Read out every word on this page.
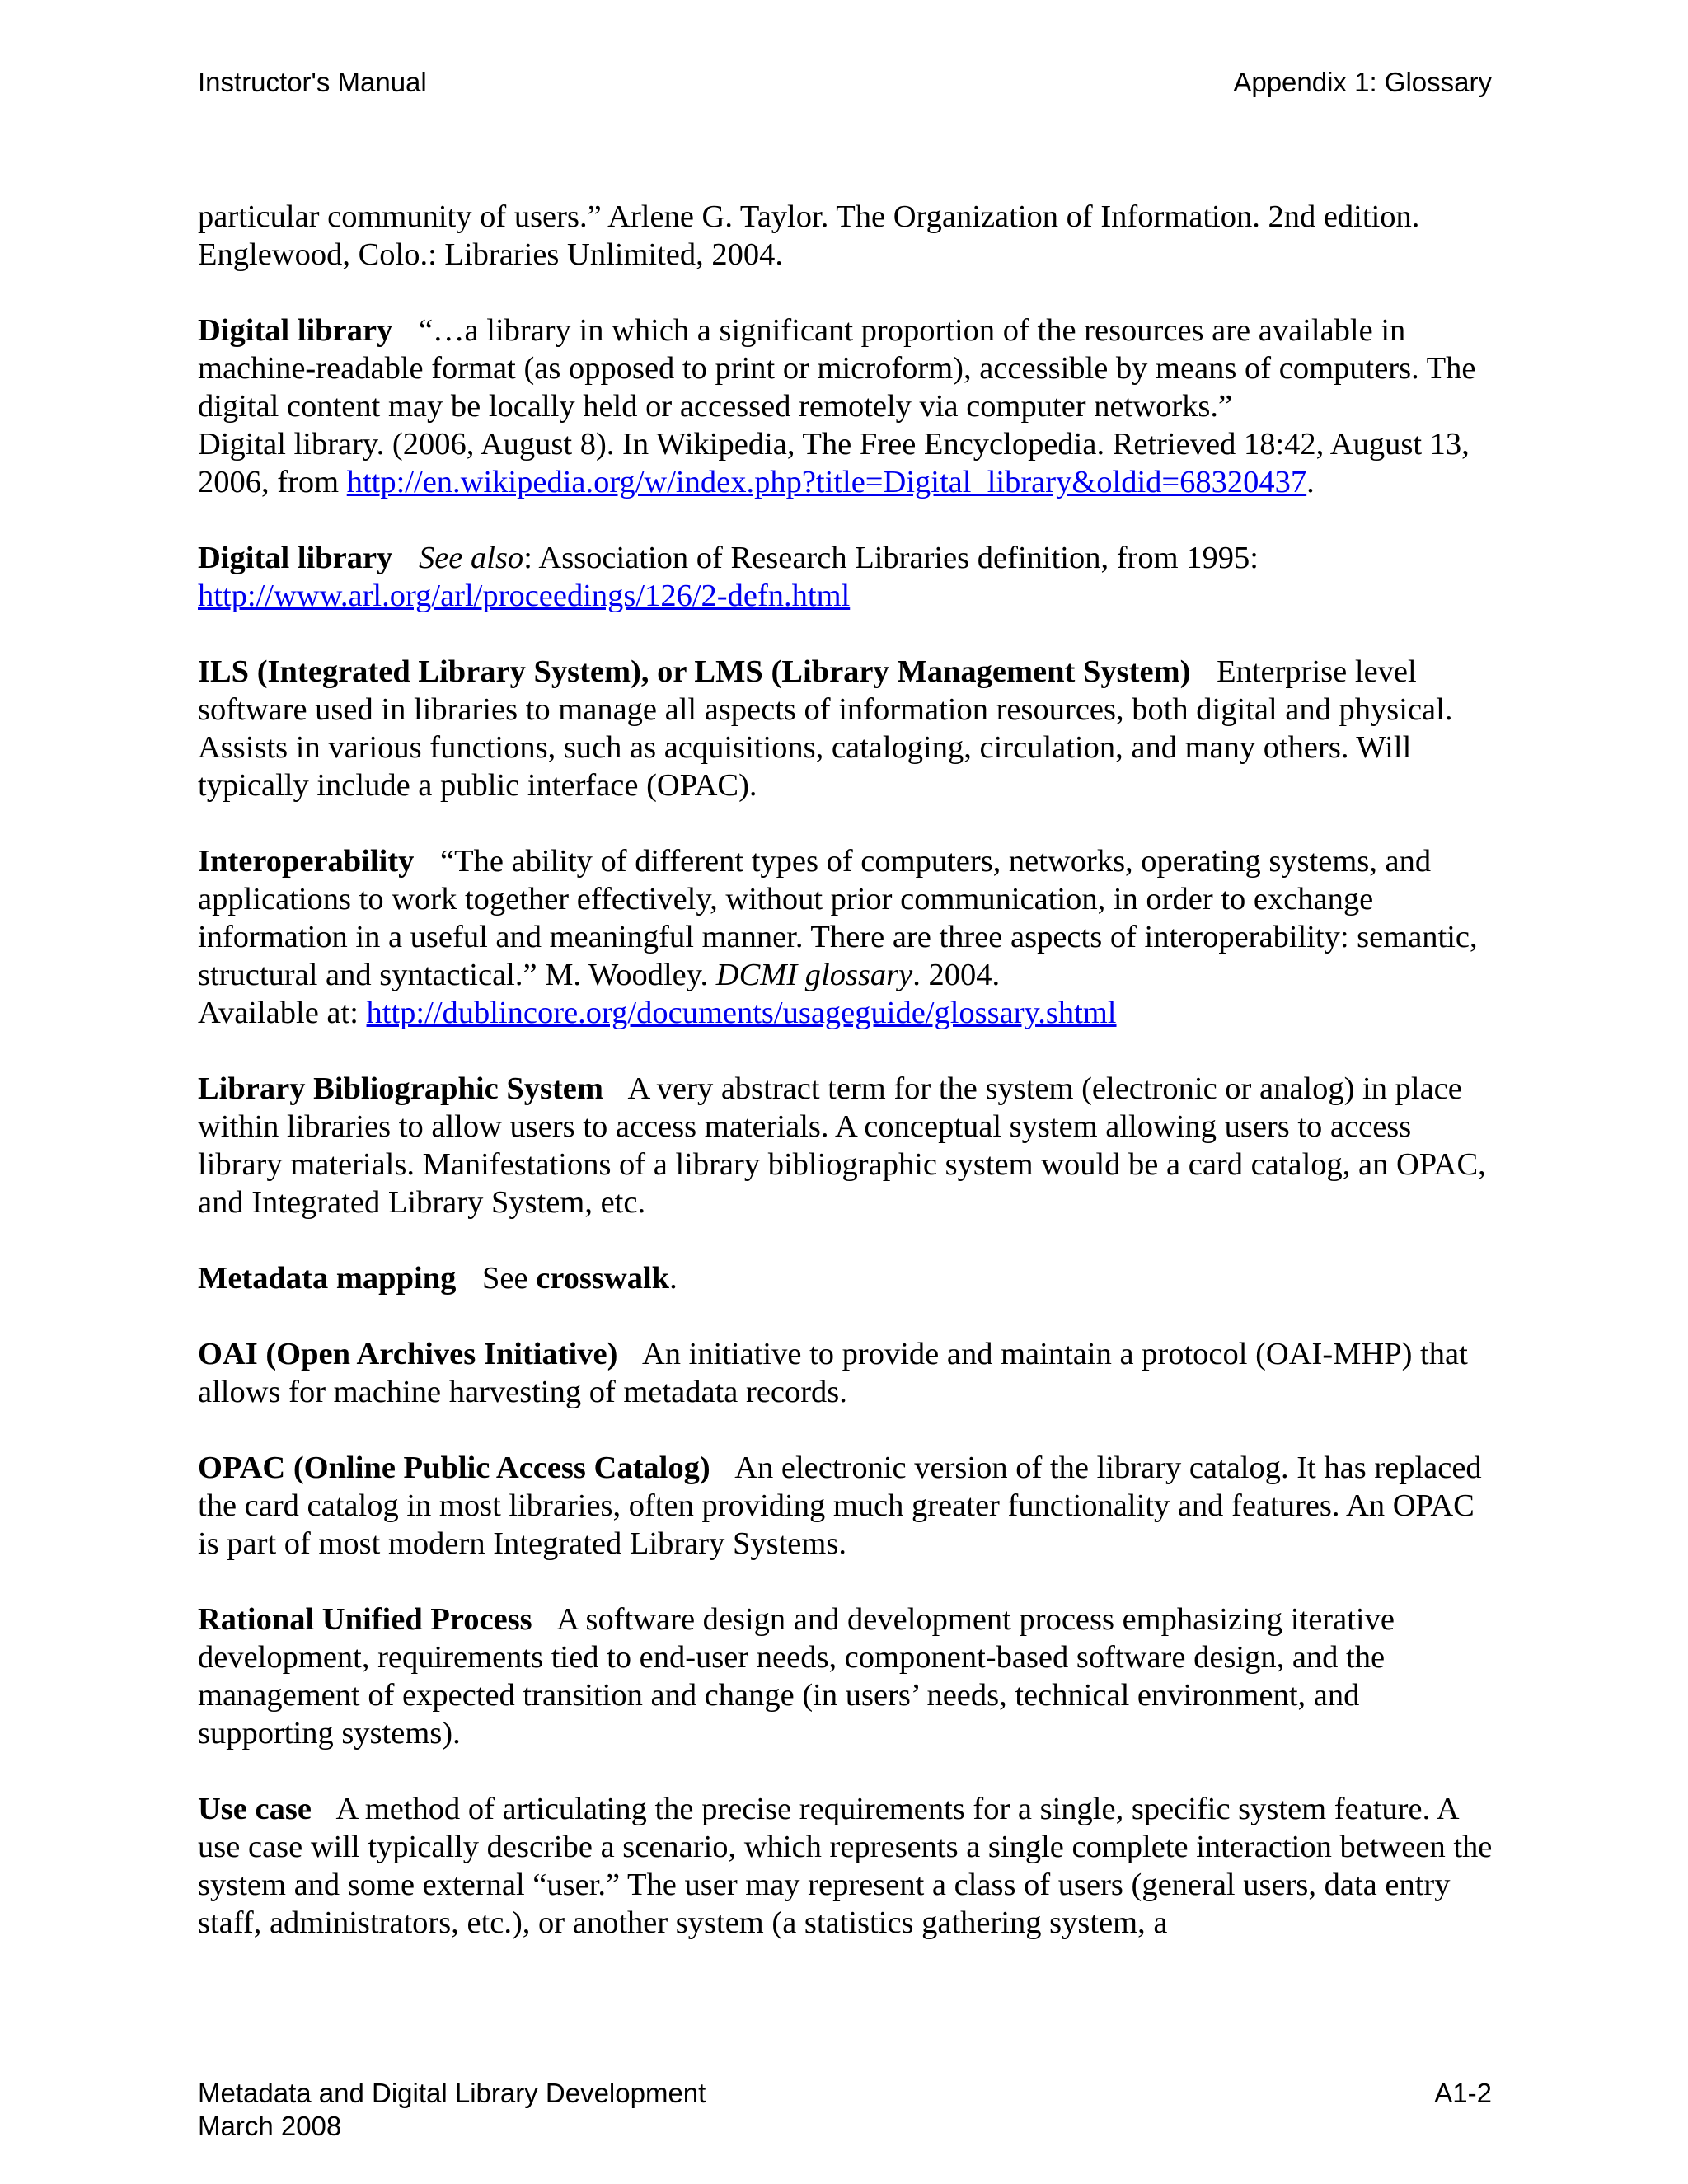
Instructor's Manual	Appendix 1: Glossary

particular community of users.” Arlene G. Taylor. The Organization of Information. 2nd edition. Englewood, Colo.: Libraries Unlimited, 2004.

Digital library “…a library in which a significant proportion of the resources are available in machine-readable format (as opposed to print or microform), accessible by means of computers. The digital content may be locally held or accessed remotely via computer networks.”
Digital library. (2006, August 8). In Wikipedia, The Free Encyclopedia. Retrieved 18:42, August 13, 2006, from http://en.wikipedia.org/w/index.php?title=Digital_library&oldid=68320437.

Digital library See also: Association of Research Libraries definition, from 1995:
http://www.arl.org/arl/proceedings/126/2-defn.html

ILS (Integrated Library System), or LMS (Library Management System) Enterprise level software used in libraries to manage all aspects of information resources, both digital and physical. Assists in various functions, such as acquisitions, cataloging, circulation, and many others. Will typically include a public interface (OPAC).

Interoperability “The ability of different types of computers, networks, operating systems, and applications to work together effectively, without prior communication, in order to exchange information in a useful and meaningful manner. There are three aspects of interoperability: semantic, structural and syntactical.” M. Woodley. DCMI glossary. 2004.
Available at: http://dublincore.org/documents/usageguide/glossary.shtml

Library Bibliographic System A very abstract term for the system (electronic or analog) in place within libraries to allow users to access materials. A conceptual system allowing users to access library materials. Manifestations of a library bibliographic system would be a card catalog, an OPAC, and Integrated Library System, etc.

Metadata mapping See crosswalk.

OAI (Open Archives Initiative) An initiative to provide and maintain a protocol (OAI-MHP) that allows for machine harvesting of metadata records.

OPAC (Online Public Access Catalog) An electronic version of the library catalog. It has replaced the card catalog in most libraries, often providing much greater functionality and features. An OPAC is part of most modern Integrated Library Systems.

Rational Unified Process A software design and development process emphasizing iterative development, requirements tied to end-user needs, component-based software design, and the management of expected transition and change (in users’ needs, technical environment, and supporting systems).

Use case A method of articulating the precise requirements for a single, specific system feature. A use case will typically describe a scenario, which represents a single complete interaction between the system and some external “user.” The user may represent a class of users (general users, data entry staff, administrators, etc.), or another system (a statistics gathering system, a

Metadata and Digital Library Development	A1-2
March 2008
